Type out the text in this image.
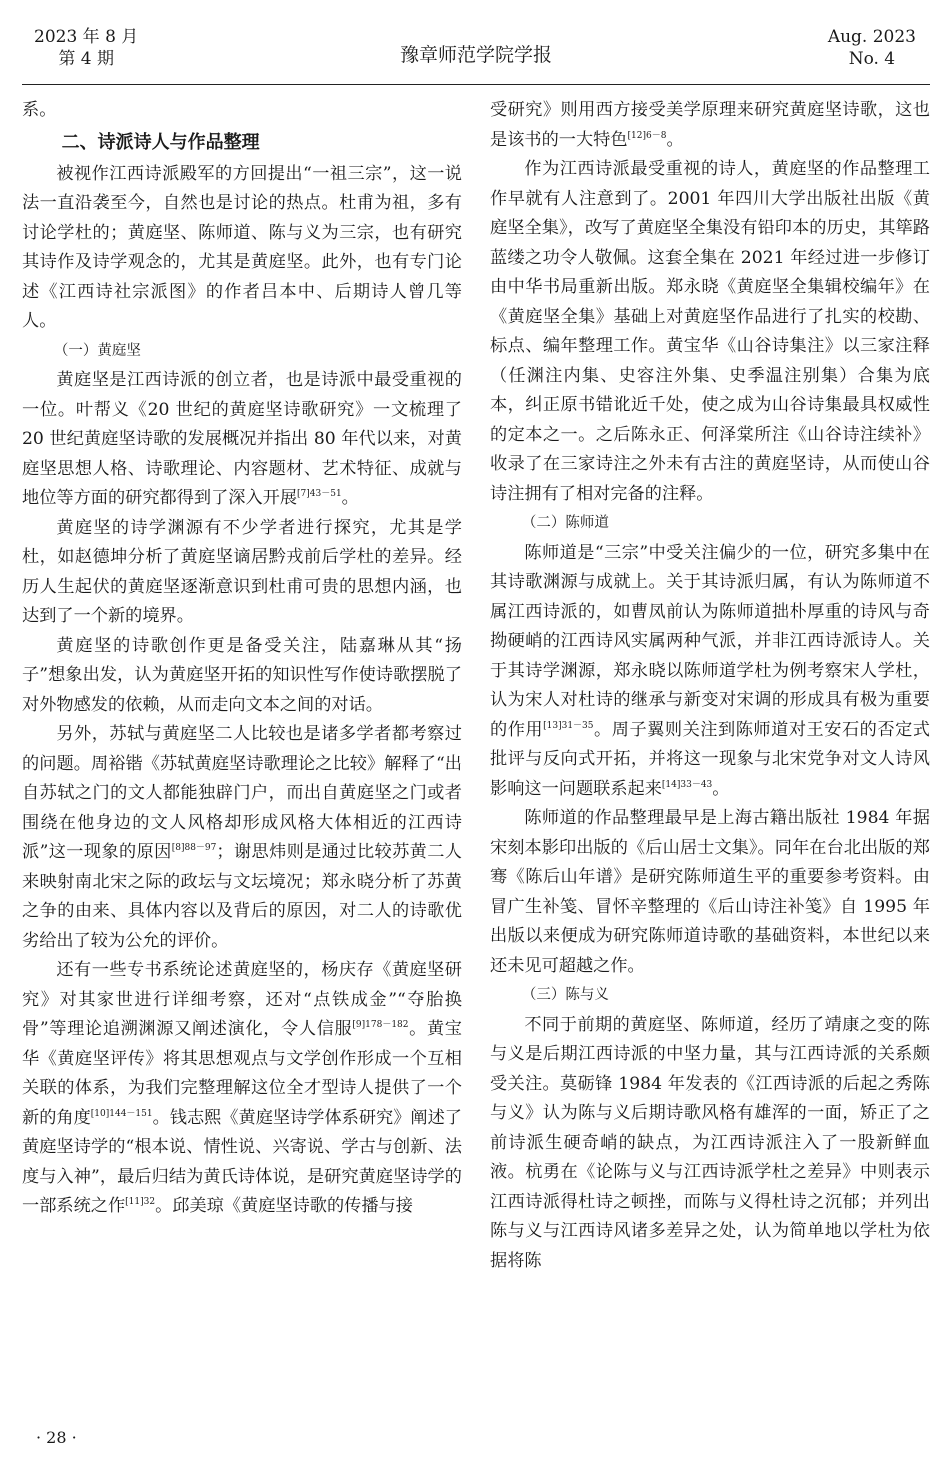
2023 年 8 月
第 4 期	豫章师范学院学报
Aug. 2023
No. 4

系。

二、诗派诗人与作品整理

被视作江西诗派殿军的方回提出“一祖三宗”，这一说法一直沿袭至今，自然也是讨论的热点。杜甫为祖，多有讨论学杜的；黄庭坚、陈师道、陈与义为三宗，也有研究其诗作及诗学观念的，尤其是黄庭坚。此外，也有专门论述《江西诗社宗派图》的作者吕本中、后期诗人曾几等人。

（一）黄庭坚

黄庭坚是江西诗派的创立者，也是诗派中最受重视的一位。叶帮义《20 世纪的黄庭坚诗歌研究》一文梳理了 20 世纪黄庭坚诗歌的发展概况并指出 80 年代以来，对黄庭坚思想人格、诗歌理论、内容题材、艺术特征、成就与地位等方面的研究都得到了深入开展$^{[7]43-51}$。

黄庭坚的诗学渊源有不少学者进行探究，尤其是学杜，如赵德坤分析了黄庭坚谪居黔戎前后学杜的差异。经历人生起伏的黄庭坚逐渐意识到杜甫可贵的思想内涵，也达到了一个新的境界。

黄庭坚的诗歌创作更是备受关注，陆嘉琳从其“扬子”想象出发，认为黄庭坚开拓的知识性写作使诗歌摆脱了对外物感发的依赖，从而走向文本之间的对话。

另外，苏轼与黄庭坚二人比较也是诸多学者都考察过的问题。周裕锴《苏轼黄庭坚诗歌理论之比较》解释了“出自苏轼之门的文人都能独辟门户，而出自黄庭坚之门或者围绕在他身边的文人风格却形成风格大体相近的江西诗派”这一现象的原因$^{[8]88-97}$；谢思炜则是通过比较苏黄二人来映射南北宋之际的政坛与文坛境况；郑永晓分析了苏黄之争的由来、具体内容以及背后的原因，对二人的诗歌优劣给出了较为公允的评价。

还有一些专书系统论述黄庭坚的，杨庆存《黄庭坚研究》对其家世进行详细考察，还对“点铁成金”“夺胎换骨”等理论追溯渊源又阐述演化，令人信服$^{[9]178-182}$。黄宝华《黄庭坚评传》将其思想观点与文学创作形成一个互相关联的体系，为我们完整理解这位全才型诗人提供了一个新的角度$^{[10]144-151}$。钱志熙《黄庭坚诗学体系研究》阐述了黄庭坚诗学的“根本说、情性说、兴寄说、学古与创新、法度与入神”，最后归结为黄氏诗体说，是研究黄庭坚诗学的一部系统之作$^{[11]32}$。邱美琼《黄庭坚诗歌的传播与接

受研究》则用西方接受美学原理来研究黄庭坚诗歌，这也是该书的一大特色$^{[12]6-8}$。

作为江西诗派最受重视的诗人，黄庭坚的作品整理工作早就有人注意到了。2001 年四川大学出版社出版《黄庭坚全集》，改写了黄庭坚全集没有铅印本的历史，其筚路蓝缕之功令人敬佩。这套全集在 2021 年经过进一步修订由中华书局重新出版。郑永晓《黄庭坚全集辑校编年》在《黄庭坚全集》基础上对黄庭坚作品进行了扎实的校勘、标点、编年整理工作。黄宝华《山谷诗集注》以三家注释（任渊注内集、史容注外集、史季温注别集）合集为底本，纠正原书错讹近千处，使之成为山谷诗集最具权威性的定本之一。之后陈永正、何泽棠所注《山谷诗注续补》收录了在三家诗注之外未有古注的黄庭坚诗，从而使山谷诗注拥有了相对完备的注释。

（二）陈师道

陈师道是“三宗”中受关注偏少的一位，研究多集中在其诗歌渊源与成就上。关于其诗派归属，有认为陈师道不属江西诗派的，如曹凤前认为陈师道拙朴厚重的诗风与奇拗硬峭的江西诗风实属两种气派，并非江西诗派诗人。关于其诗学渊源，郑永晓以陈师道学杜为例考察宋人学杜，认为宋人对杜诗的继承与新变对宋调的形成具有极为重要的作用$^{[13]31-35}$。周子翼则关注到陈师道对王安石的否定式批评与反向式开拓，并将这一现象与北宋党争对文人诗风影响这一问题联系起来$^{[14]33-43}$。

陈师道的作品整理最早是上海古籍出版社 1984 年据宋刻本影印出版的《后山居士文集》。同年在台北出版的郑骞《陈后山年谱》是研究陈师道生平的重要参考资料。由冒广生补笺、冒怀辛整理的《后山诗注补笺》自 1995 年出版以来便成为研究陈师道诗歌的基础资料，本世纪以来还未见可超越之作。

（三）陈与义

不同于前期的黄庭坚、陈师道，经历了靖康之变的陈与义是后期江西诗派的中坚力量，其与江西诗派的关系颇受关注。莫砺锋 1984 年发表的《江西诗派的后起之秀陈与义》认为陈与义后期诗歌风格有雄浑的一面，矫正了之前诗派生硬奇峭的缺点，为江西诗派注入了一股新鲜血液。杭勇在《论陈与义与江西诗派学杜之差异》中则表示江西诗派得杜诗之顿挫，而陈与义得杜诗之沉郁；并列出陈与义与江西诗风诸多差异之处，认为简单地以学杜为依据将陈

· 28 ·
